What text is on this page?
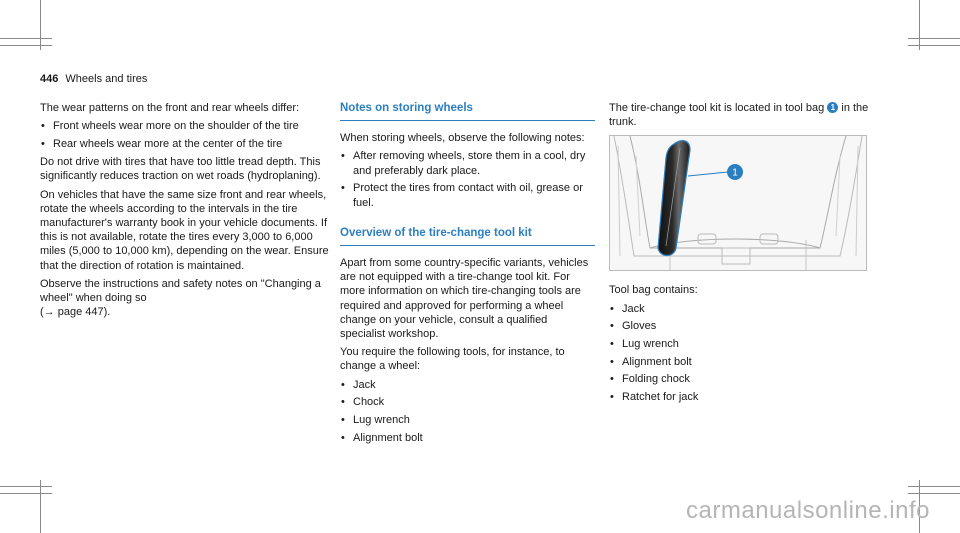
446 Wheels and tires

The wear patterns on the front and rear wheels differ:

• Front wheels wear more on the shoulder of the tire
• Rear wheels wear more at the center of the tire

Do not drive with tires that have too little tread depth. This significantly reduces traction on wet roads (hydroplaning).

On vehicles that have the same size front and rear wheels, rotate the wheels according to the intervals in the tire manufacturer's warranty book in your vehicle documents. If this is not available, rotate the tires every 3,000 to 6,000 miles (5,000 to 10,000 km), depending on the wear. Ensure that the direction of rotation is maintained.

Observe the instructions and safety notes on "Changing a wheel" when doing so
(→ page 447).

Notes on storing wheels

When storing wheels, observe the following notes:

• After removing wheels, store them in a cool, dry and preferably dark place.
• Protect the tires from contact with oil, grease or fuel.
Overview of the tire-change tool kit

Apart from some country-specific variants, vehicles are not equipped with a tire-change tool kit. For more information on which tire-changing tools are required and approved for performing a wheel change on your vehicle, consult a qualified specialist workshop.

You require the following tools, for instance, to change a wheel:

• Jack
• Chock
• Lug wrench
• Alignment bolt

The tire-change tool kit is located in tool bag 1 in the trunk.

1

Tool bag contains:

• Jack
• Gloves
• Lug wrench
• Alignment bolt
• Folding chock
• Ratchet for jack
carmanualsonline.info
